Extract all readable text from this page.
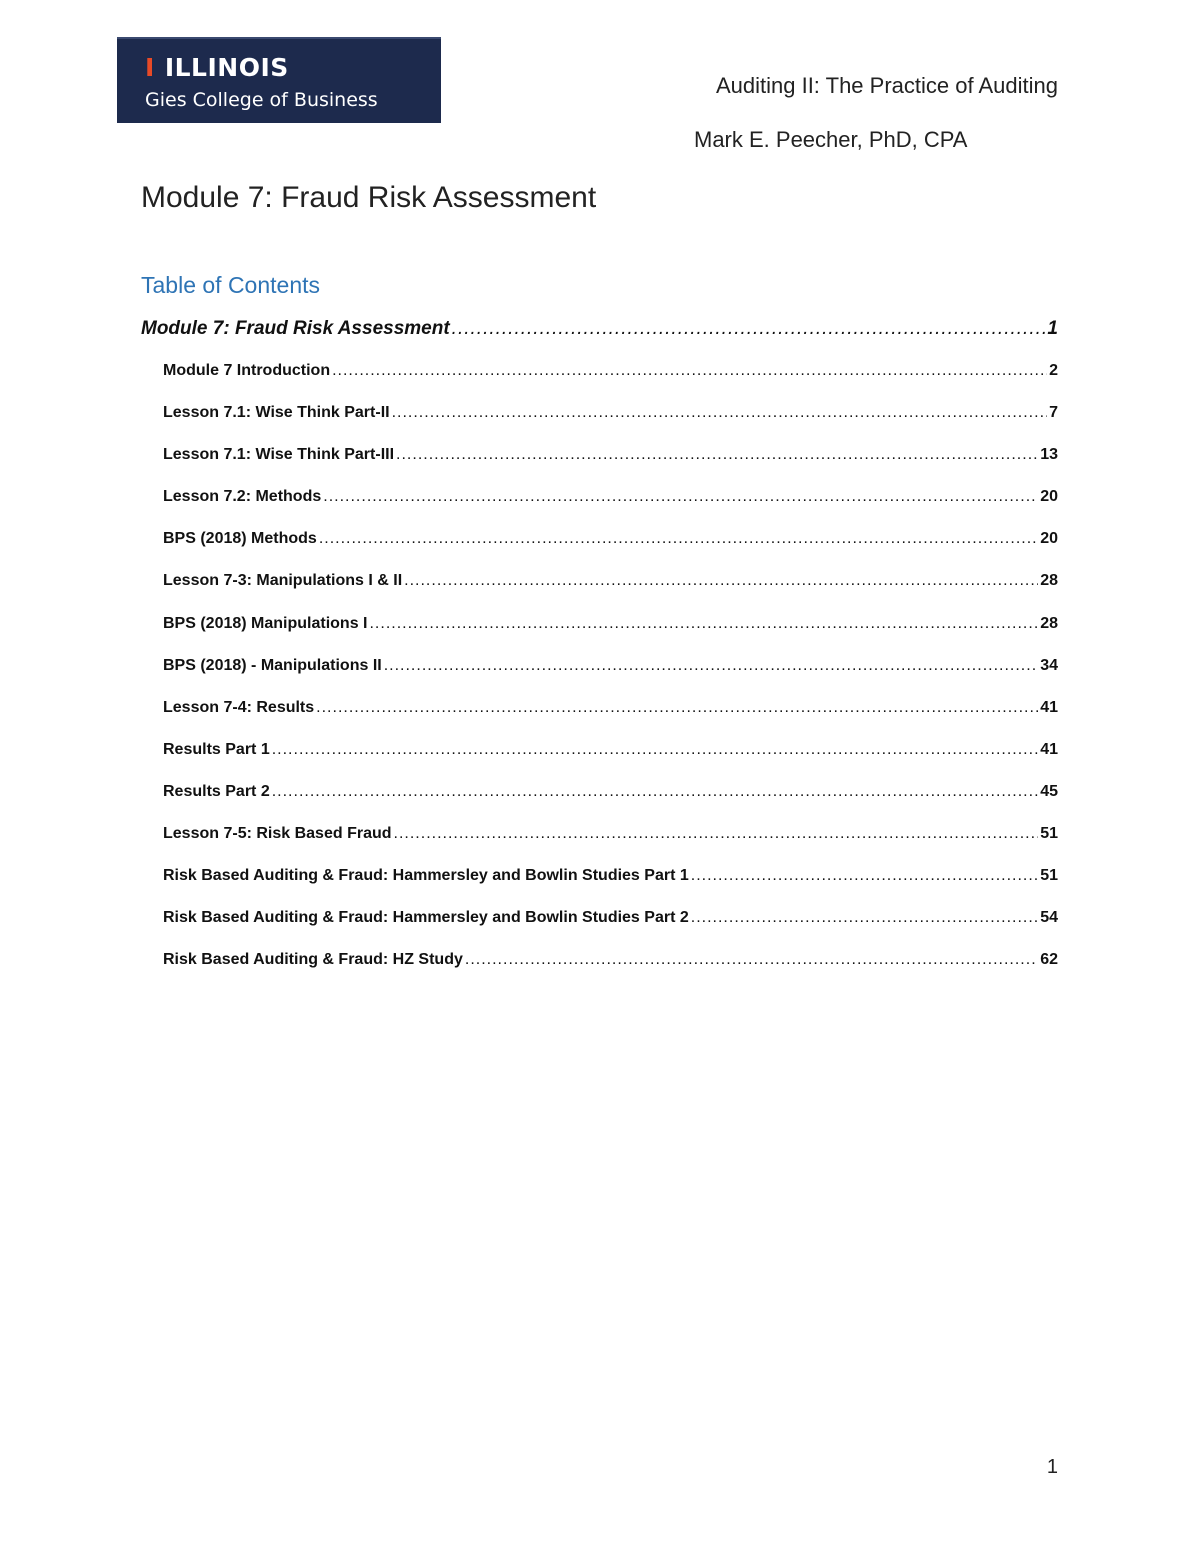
I ILLINOIS
Gies College of Business
Auditing II: The Practice of Auditing
Mark E. Peecher, PhD, CPA
Module 7: Fraud Risk Assessment
Table of Contents
Module 7: Fraud Risk Assessment .....	1
Module 7 Introduction .....	2
Lesson 7.1: Wise Think Part-II .....	7
Lesson 7.1: Wise Think Part-III .....	13
Lesson 7.2: Methods .....	20
BPS (2018) Methods .....	20
Lesson 7-3: Manipulations I & II .....	28
BPS (2018) Manipulations I .....	28
BPS (2018) - Manipulations II .....	34
Lesson 7-4: Results .....	41
Results Part 1 .....	41
Results Part 2 .....	45
Lesson 7-5: Risk Based Fraud .....	51
Risk Based Auditing & Fraud: Hammersley and Bowlin Studies Part 1 .....	51
Risk Based Auditing & Fraud: Hammersley and Bowlin Studies Part 2 .....	54
Risk Based Auditing & Fraud: HZ Study .....	62
1
